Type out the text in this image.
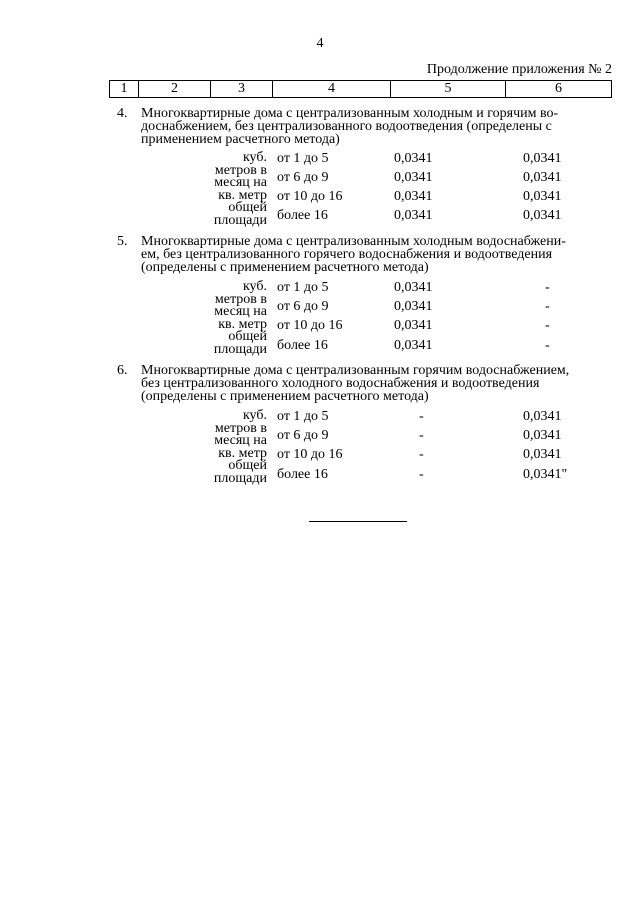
4
Продолжение приложения № 2
1	2	3	4	5	6
4. Многоквартирные дома с централизованным холодным и горячим во-
доснабжением, без централизованного водоотведения (определены с
применением расчетного метода)
куб.
метров в
месяц на
кв. метр
общей
площади
от 1 до 5	0,0341	0,0341
от 6 до 9	0,0341	0,0341
от 10 до 16	0,0341	0,0341
более 16	0,0341	0,0341
5. Многоквартирные дома с централизованным холодным водоснабжени-
ем, без централизованного горячего водоснабжения и водоотведения
(определены с применением расчетного метода)
куб.
метров в
месяц на
кв. метр
общей
площади
от 1 до 5	0,0341	-
от 6 до 9	0,0341	-
от 10 до 16	0,0341	-
более 16	0,0341	-
6. Многоквартирные дома с централизованным горячим водоснабжением,
без централизованного холодного водоснабжения и водоотведения
(определены с применением расчетного метода)
куб.
метров в
месяц на
кв. метр
общей
площади
от 1 до 5	-	0,0341
от 6 до 9	-	0,0341
от 10 до 16	-	0,0341
более 16	-	0,0341"
